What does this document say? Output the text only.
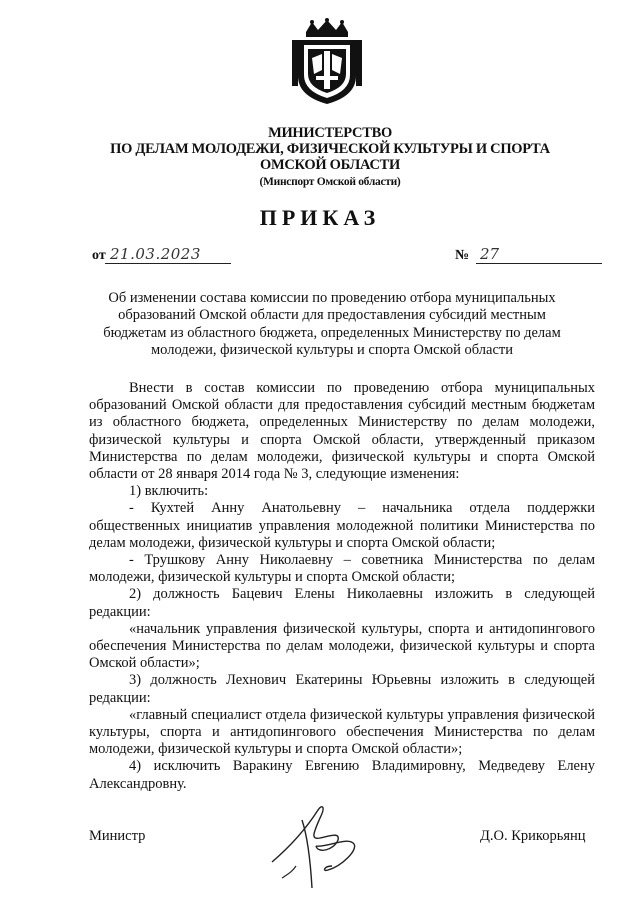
МИНИСТЕРСТВО
ПО ДЕЛАМ МОЛОДЕЖИ, ФИЗИЧЕСКОЙ КУЛЬТУРЫ И СПОРТА
ОМСКОЙ ОБЛАСТИ
(Минспорт Омской области)
ПРИКАЗ
от 21.03.2023	№ 27
Об изменении состава комиссии по проведению отбора муниципальных образований Омской области для предоставления субсидий местным бюджетам из областного бюджета, определенных Министерству по делам молодежи, физической культуры и спорта Омской области

Внести в состав комиссии по проведению отбора муниципальных образований Омской области для предоставления субсидий местным бюджетам из областного бюджета, определенных Министерству по делам молодежи, физической культуры и спорта Омской области, утвержденный приказом Министерства по делам молодежи, физической культуры и спорта Омской области от 28 января 2014 года № 3, следующие изменения:

1) включить:

- Кухтей Анну Анатольевну – начальника отдела поддержки общественных инициатив управления молодежной политики Министерства по делам молодежи, физической культуры и спорта Омской области;

- Трушкову Анну Николаевну – советника Министерства по делам молодежи, физической культуры и спорта Омской области;

2) должность Бацевич Елены Николаевны изложить в следующей редакции:

«начальник управления физической культуры, спорта и антидопингового обеспечения Министерства по делам молодежи, физической культуры и спорта Омской области»;

3) должность Лехнович Екатерины Юрьевны изложить в следующей редакции:

«главный специалист отдела физической культуры управления физической культуры, спорта и антидопингового обеспечения Министерства по делам молодежи, физической культуры и спорта Омской области»;

4) исключить Варакину Евгению Владимировну, Медведеву Елену Александровну.

Министр	Д.О. Крикорьянц
